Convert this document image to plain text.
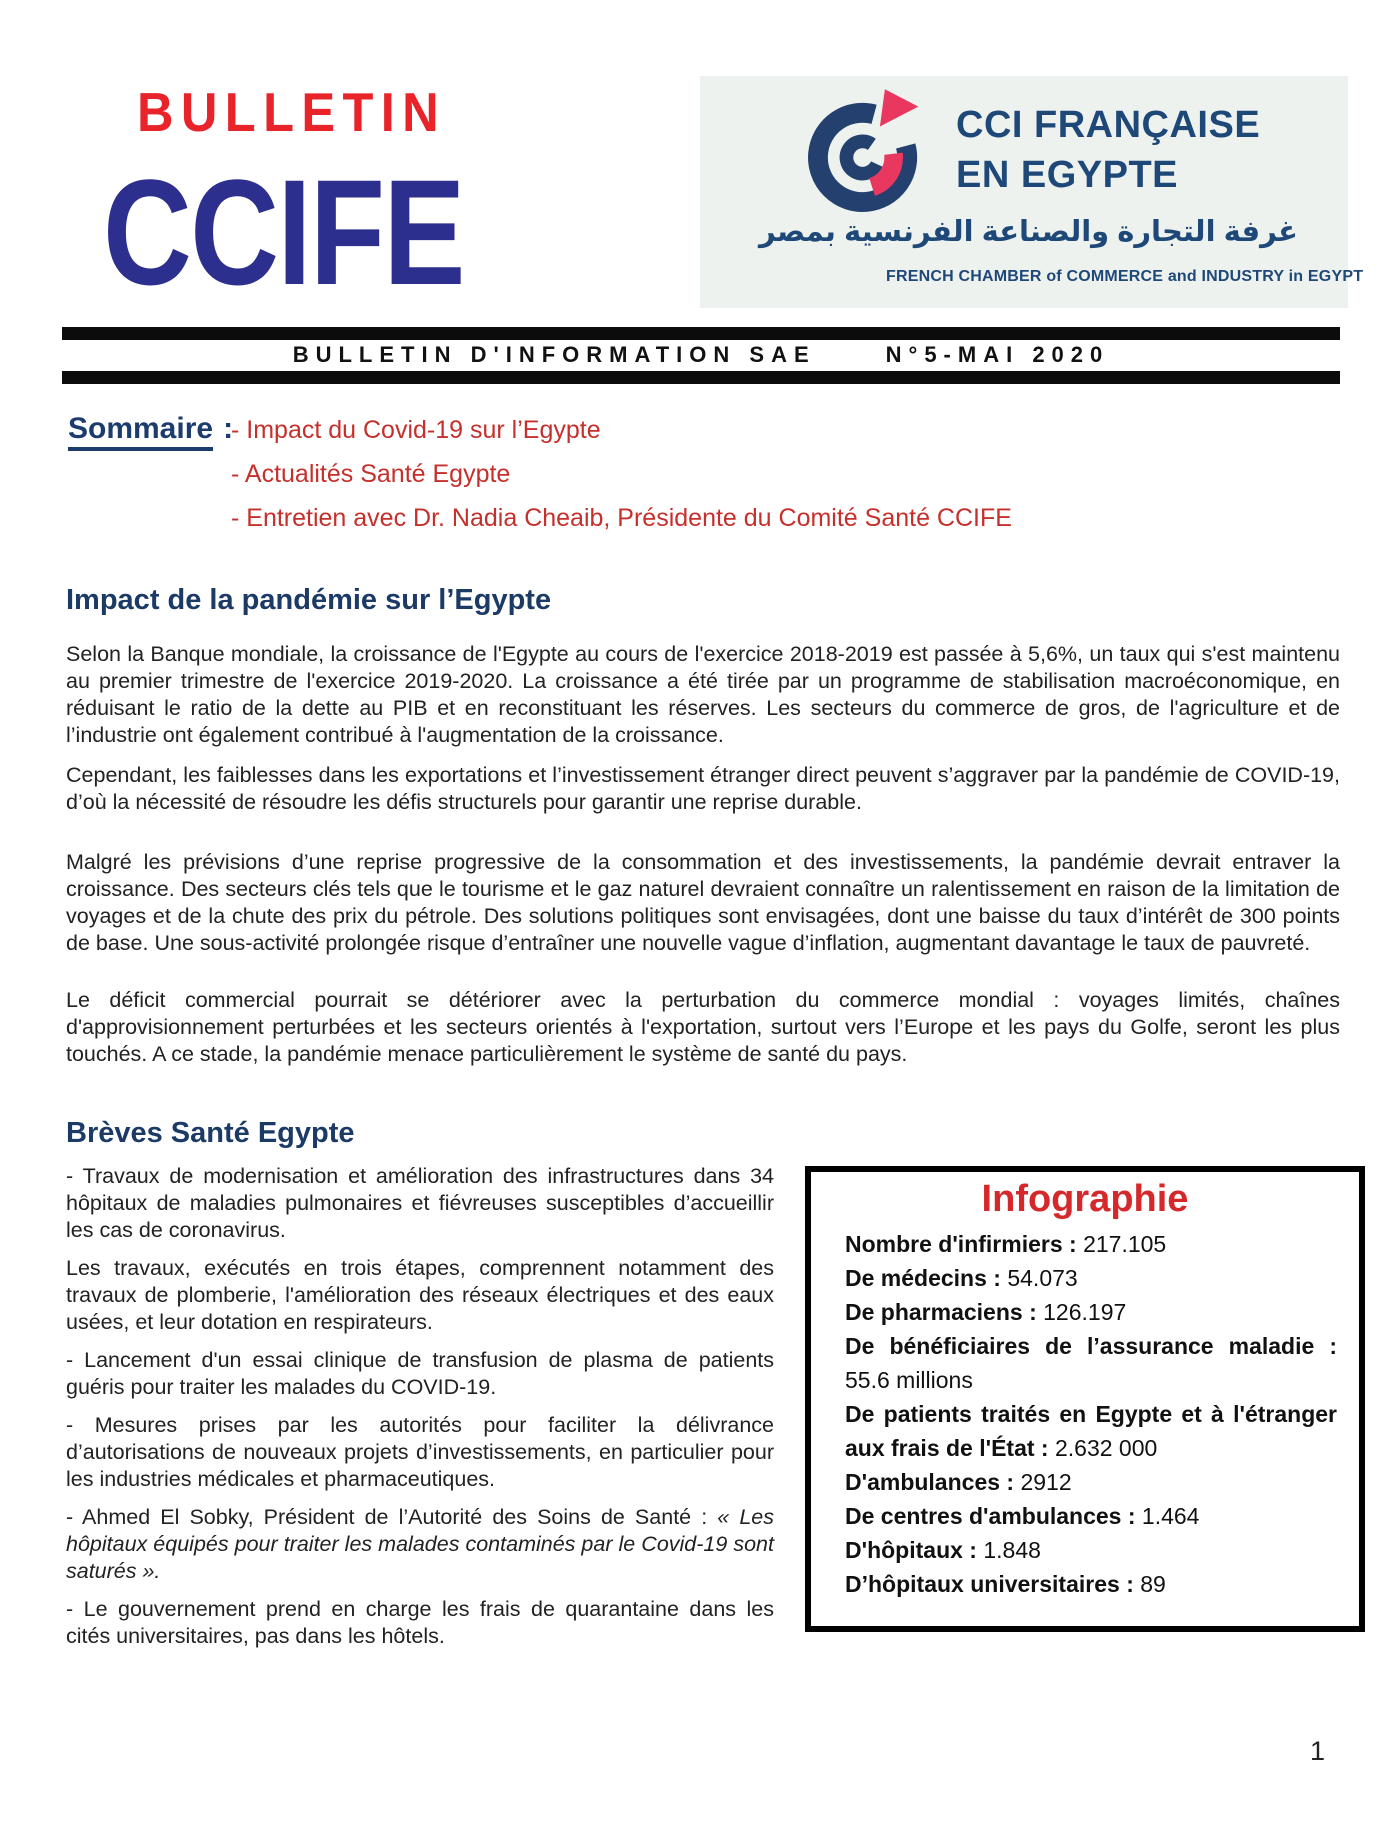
BULLETIN
CCIFE
CCI FRANÇAISE
EN EGYPTE
غرفة التجارة والصناعة الفرنسية بمصر
FRENCH CHAMBER of COMMERCE and INDUSTRY in EGYPT
BULLETIN D'INFORMATION SAE	N°5-MAI 2020
Sommaire :
- Impact du Covid-19 sur l’Egypte
- Actualités Santé Egypte
- Entretien avec Dr. Nadia Cheaib, Présidente du Comité Santé CCIFE
Impact de la pandémie sur l’Egypte

Selon la Banque mondiale, la croissance de l'Egypte au cours de l'exercice 2018-2019 est passée à 5,6%, un taux qui s'est maintenu au premier trimestre de l'exercice 2019-2020. La croissance a été tirée par un programme de stabilisation macroéconomique, en réduisant le ratio de la dette au PIB et en reconstituant les réserves. Les secteurs du commerce de gros, de l'agriculture et de l’industrie ont également contribué à l'augmentation de la croissance.

Cependant, les faiblesses dans les exportations et l’investissement étranger direct peuvent s’aggraver par la pandémie de COVID-19, d’où la nécessité de résoudre les défis structurels pour garantir une reprise durable.

Malgré les prévisions d’une reprise progressive de la consommation et des investissements, la pandémie devrait entraver la croissance. Des secteurs clés tels que le tourisme et le gaz naturel devraient connaître un ralentissement en raison de la limitation de voyages et de la chute des prix du pétrole. Des solutions politiques sont envisagées, dont une baisse du taux d’intérêt de 300 points de base. Une sous-activité prolongée risque d’entraîner une nouvelle vague d’inflation, augmentant davantage le taux de pauvreté.

Le déficit commercial pourrait se détériorer avec la perturbation du commerce mondial : voyages limités, chaînes d'approvisionnement perturbées et les secteurs orientés à l'exportation, surtout vers l’Europe et les pays du Golfe, seront les plus touchés. A ce stade, la pandémie menace particulièrement le système de santé du pays.

Brèves Santé Egypte

- Travaux de modernisation et amélioration des infrastructures dans 34 hôpitaux de maladies pulmonaires et fiévreuses susceptibles d’accueillir les cas de coronavirus.

Les travaux, exécutés en trois étapes, comprennent notamment des travaux de plomberie, l'amélioration des réseaux électriques et des eaux usées, et leur dotation en respirateurs.

- Lancement d'un essai clinique de transfusion de plasma de patients guéris pour traiter les malades du COVID-19.

- Mesures prises par les autorités pour faciliter la délivrance d’autorisations de nouveaux projets d’investissements, en particulier pour les industries médicales et pharmaceutiques.

- Ahmed El Sobky, Président de l’Autorité des Soins de Santé : « Les hôpitaux équipés pour traiter les malades contaminés par le Covid-19 sont saturés ».

- Le gouvernement prend en charge les frais de quarantaine dans les cités universitaires, pas dans les hôtels.

Infographie
Nombre d'infirmiers : 217.105
De médecins : 54.073
De pharmaciens : 126.197
De bénéficiaires de l’assurance maladie : 55.6 millions
De patients traités en Egypte et à l'étranger aux frais de l'État : 2.632 000
D'ambulances : 2912
De centres d'ambulances : 1.464
D'hôpitaux : 1.848
D’hôpitaux universitaires : 89
1
